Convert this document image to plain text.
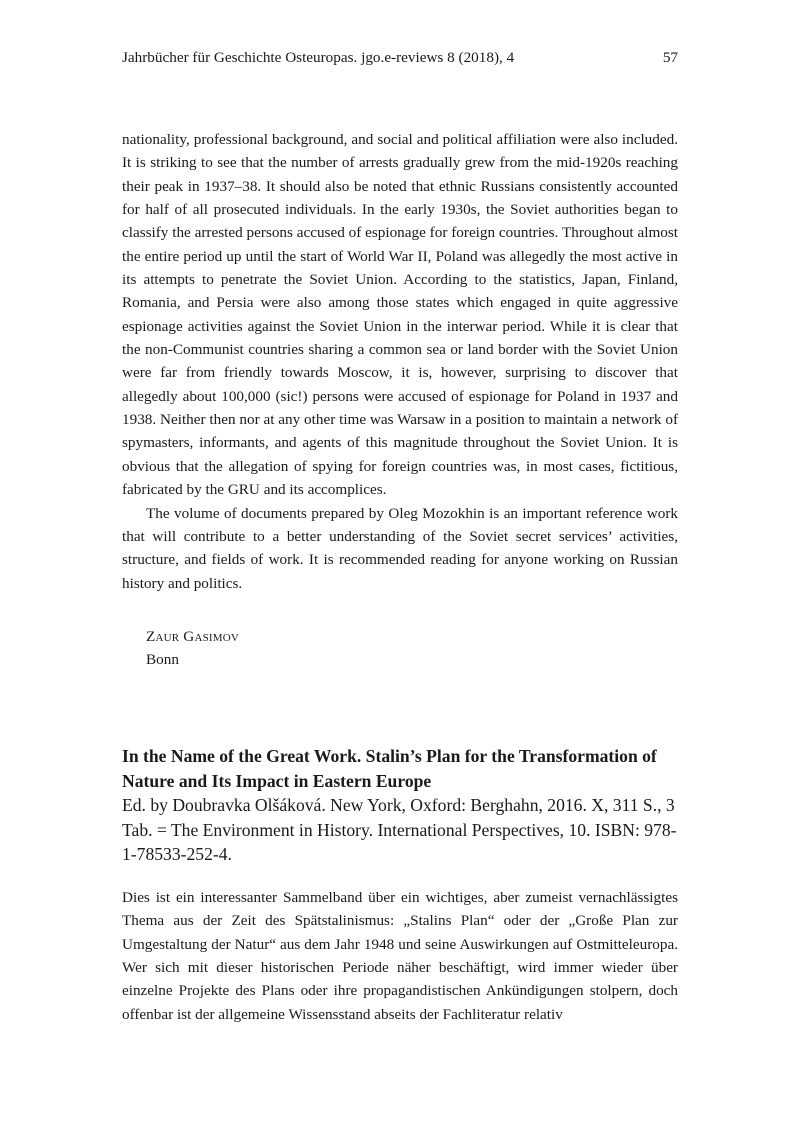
Jahrbücher für Geschichte Osteuropas. jgo.e-reviews 8 (2018), 4	57

nationality, professional background, and social and political affiliation were also included. It is striking to see that the number of arrests gradually grew from the mid-1920s reaching their peak in 1937–38. It should also be noted that ethnic Russians consistently accounted for half of all prosecuted individuals. In the early 1930s, the Soviet authorities began to classify the arrested persons accused of espionage for foreign countries. Throughout almost the entire period up until the start of World War II, Poland was allegedly the most active in its attempts to penetrate the Soviet Union. According to the statistics, Japan, Finland, Romania, and Persia were also among those states which engaged in quite aggressive espionage activities against the Soviet Union in the interwar period. While it is clear that the non-Communist countries sharing a common sea or land border with the Soviet Union were far from friendly towards Moscow, it is, however, surprising to discover that allegedly about 100,000 (sic!) persons were accused of espionage for Poland in 1937 and 1938. Neither then nor at any other time was Warsaw in a position to maintain a network of spymasters, informants, and agents of this magnitude throughout the Soviet Union. It is obvious that the allegation of spying for foreign countries was, in most cases, fictitious, fabricated by the GRU and its accomplices.

The volume of documents prepared by Oleg Mozokhin is an important reference work that will contribute to a better understanding of the Soviet secret services’ activities, structure, and fields of work. It is recommended reading for anyone working on Russian history and politics.

Zaur Gasimov
Bonn

In the Name of the Great Work. Stalin’s Plan for the Transformation of Nature and Its Impact in Eastern Europe

Ed. by Doubravka Olšáková. New York, Oxford: Berghahn, 2016. X, 311 S., 3 Tab. = The Environment in History. International Perspectives, 10. ISBN: 978-1-78533-252-4.

Dies ist ein interessanter Sammelband über ein wichtiges, aber zumeist vernachlässigtes Thema aus der Zeit des Spätstalinismus: „Stalins Plan“ oder der „Große Plan zur Umgestaltung der Natur“ aus dem Jahr 1948 und seine Auswirkungen auf Ostmitteleuropa. Wer sich mit dieser historischen Periode näher beschäftigt, wird immer wieder über einzelne Projekte des Plans oder ihre propagandistischen Ankündigungen stolpern, doch offenbar ist der allgemeine Wissensstand abseits der Fachliteratur relativ
